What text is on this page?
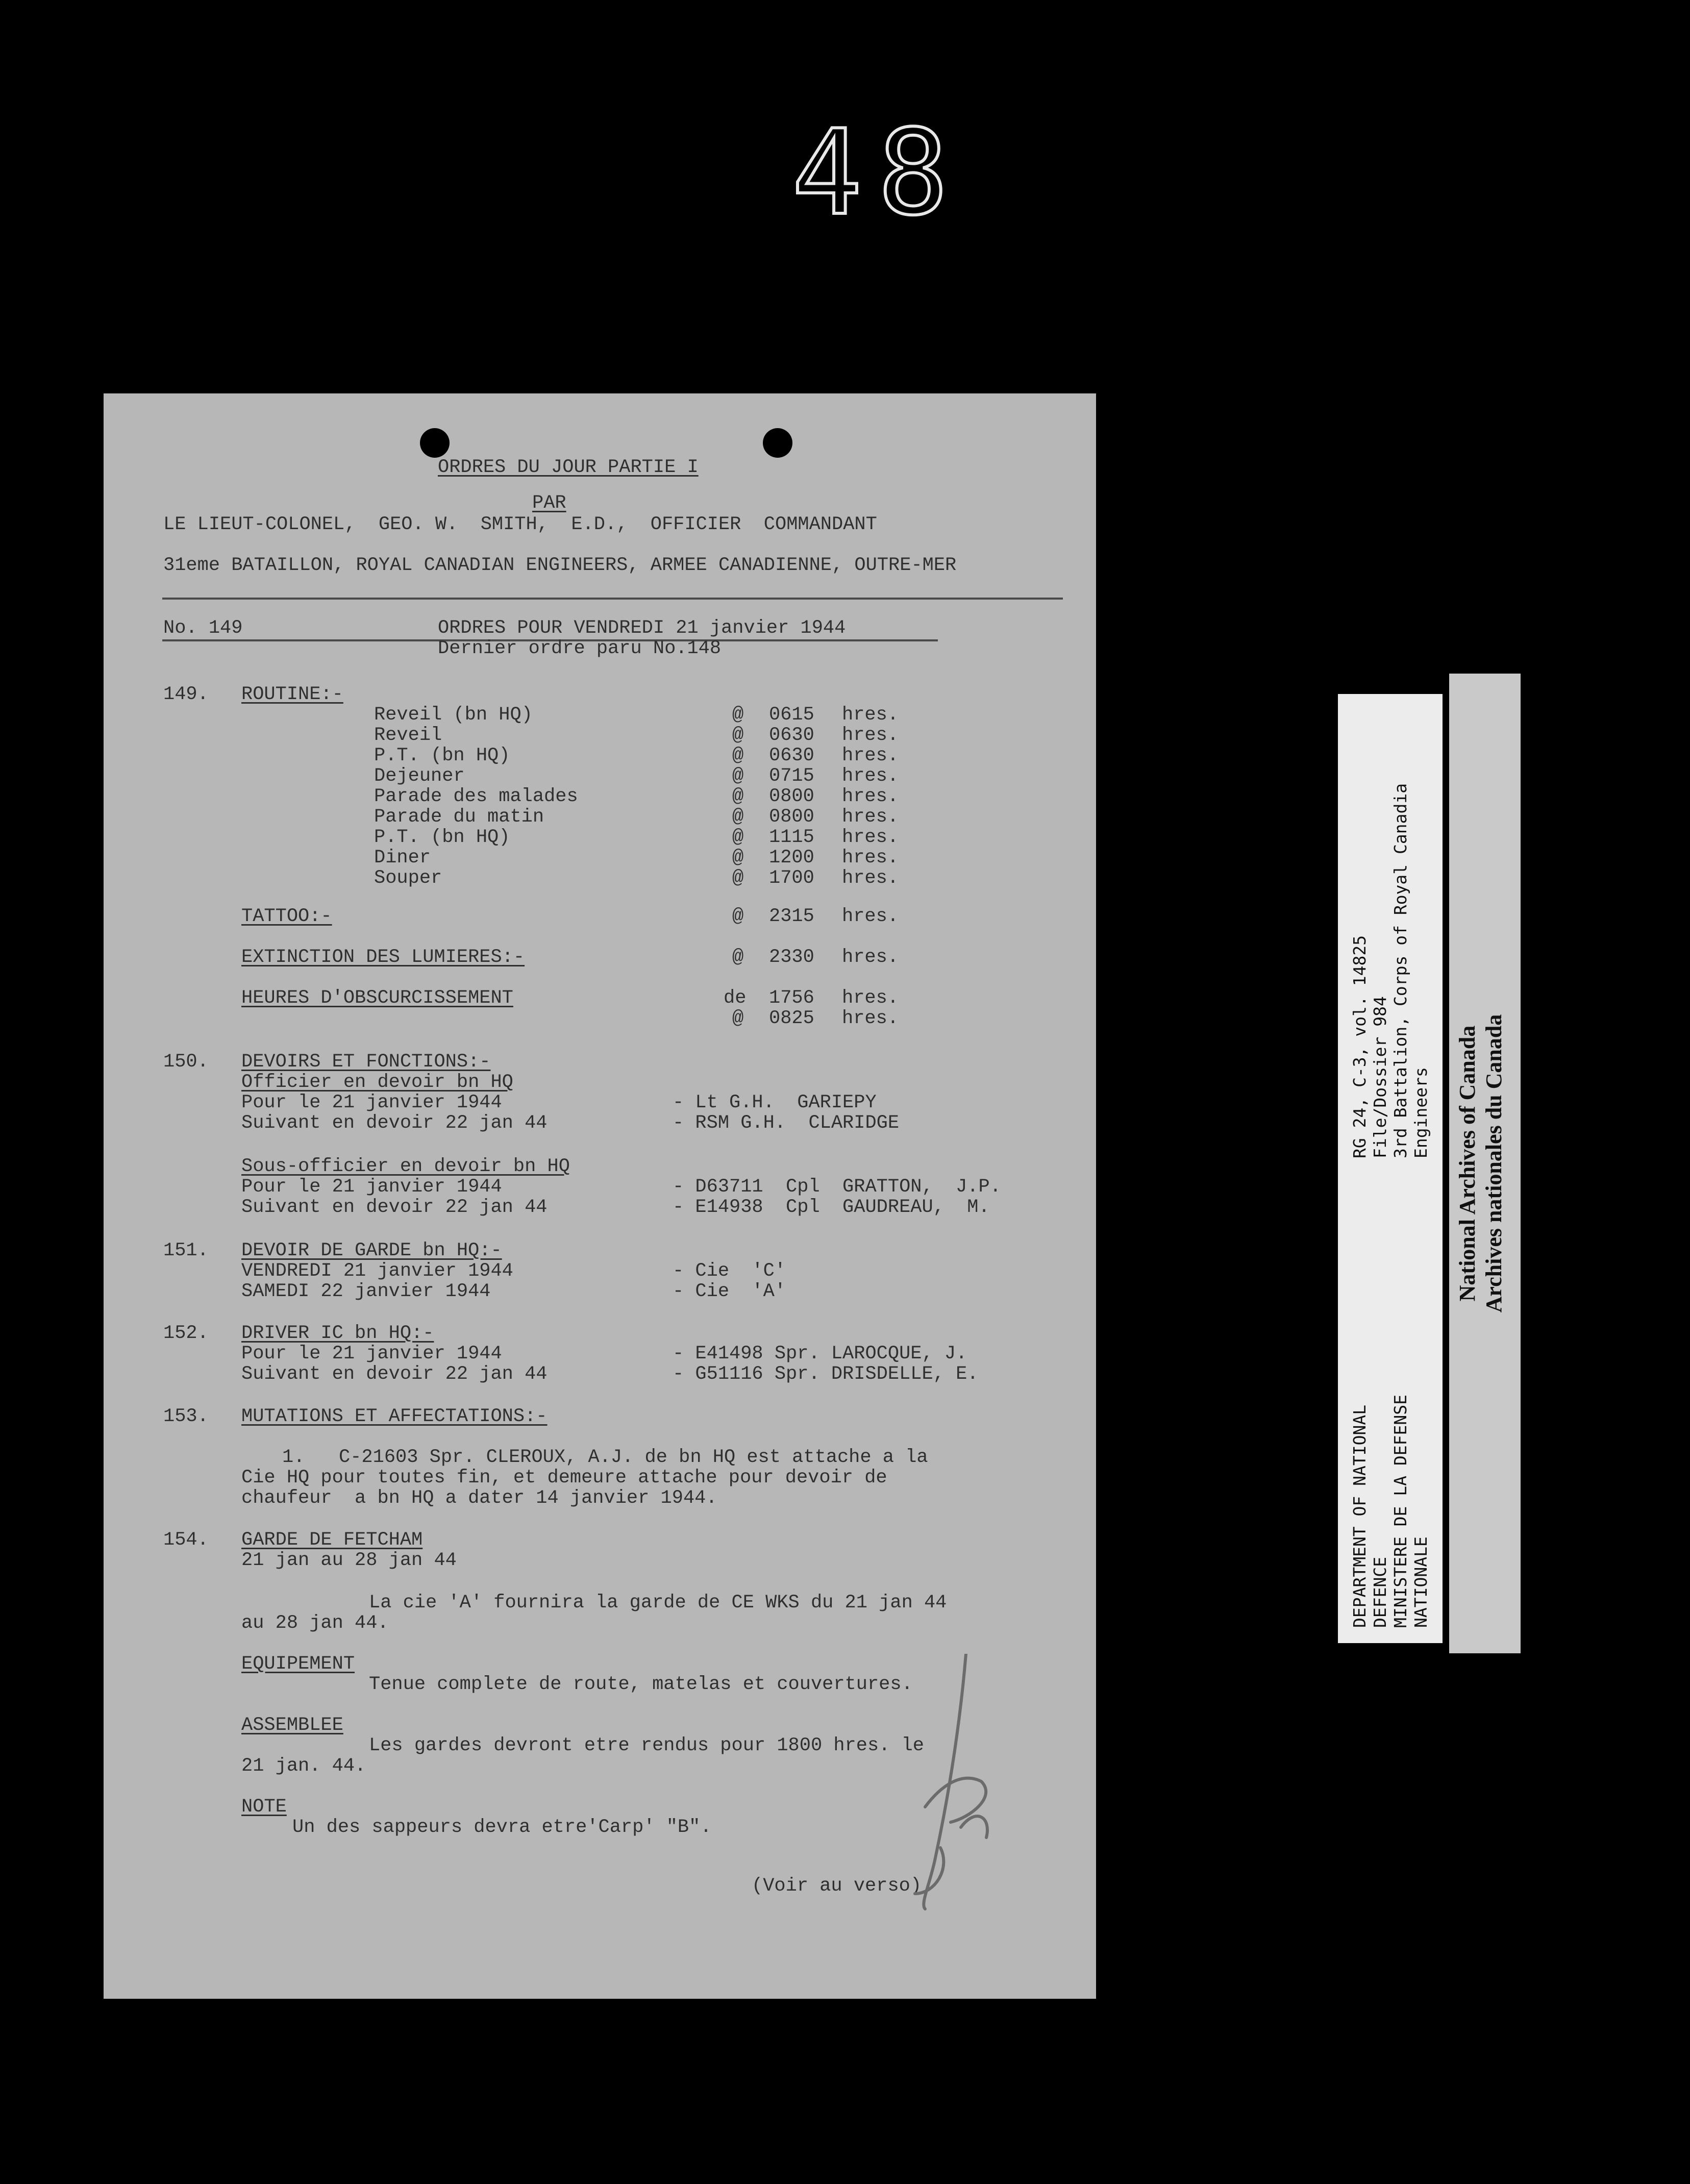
48
ORDRES DU JOUR PARTIE I
PAR
LE LIEUT-COLONEL,  GEO. W.  SMITH,  E.D.,  OFFICIER  COMMANDANT
31eme BATAILLON, ROYAL CANADIAN ENGINEERS, ARMEE CANADIENNE, OUTRE-MER
No. 149	ORDRES POUR VENDREDI 21 janvier 1944
Dernier ordre paru No.148
149. ROUTINE:-
TATTOO:-	@ 2315 hres.
EXTINCTION DES LUMIERES:-	@ 2330 hres.
HEURES D'OBSCURCISSEMENT	de 1756 hres.
@ 0825 hres.
150. DEVOIRS ET FONCTIONS:-
Officier en devoir bn HQ
Pour le 21 janvier 1944	- Lt G.H.  GARIEPY
Suivant en devoir 22 jan 44	- RSM G.H.  CLARIDGE
Sous-officier en devoir bn HQ
Pour le 21 janvier 1944	- D63711  Cpl  GRATTON,  J.P.
Suivant en devoir 22 jan 44	- E14938  Cpl  GAUDREAU,  M.
151. DEVOIR DE GARDE bn HQ:-
VENDREDI 21 janvier 1944	- Cie  'C'
SAMEDI 22 janvier 1944	- Cie  'A'
152. DRIVER IC bn HQ:-
Pour le 21 janvier 1944	- E41498 Spr. LAROCQUE, J.
Suivant en devoir 22 jan 44	- G51116 Spr. DRISDELLE, E.
153. MUTATIONS ET AFFECTATIONS:-
1.   C-21603 Spr. CLEROUX, A.J. de bn HQ est attache a la
Cie HQ pour toutes fin, et demeure attache pour devoir de
chaufeur  a bn HQ a dater 14 janvier 1944.
154. GARDE DE FETCHAM
21 jan au 28 jan 44
La cie 'A' fournira la garde de CE WKS du 21 jan 44
au 28 jan 44.
EQUIPEMENT
Tenue complete de route, matelas et couvertures.
ASSEMBLEE
Les gardes devront etre rendus pour 1800 hres. le
21 jan. 44.
NOTE
Un des sappeurs devra etre'Carp' "B".
(Voir au verso)
Reveil (bn HQ)	@ 0615 hres.
Reveil	@ 0630 hres.
P.T. (bn HQ)	@ 0630 hres.
Dejeuner	@ 0715 hres.
Parade des malades	@ 0800 hres.
Parade du matin	@ 0800 hres.
P.T. (bn HQ)	@ 1115 hres.
Diner	@ 1200 hres.
Souper	@ 1700 hres.
DEPARTMENT OF NATIONAL DEFENCE MINISTERE DE LA DEFENSE NATIONALE
RG 24, C-3, vol. 14825 File/Dossier 984 3rd Battalion, Corps of Royal Canadia Engineers National Archives of Canada Archives nationales du Canada
